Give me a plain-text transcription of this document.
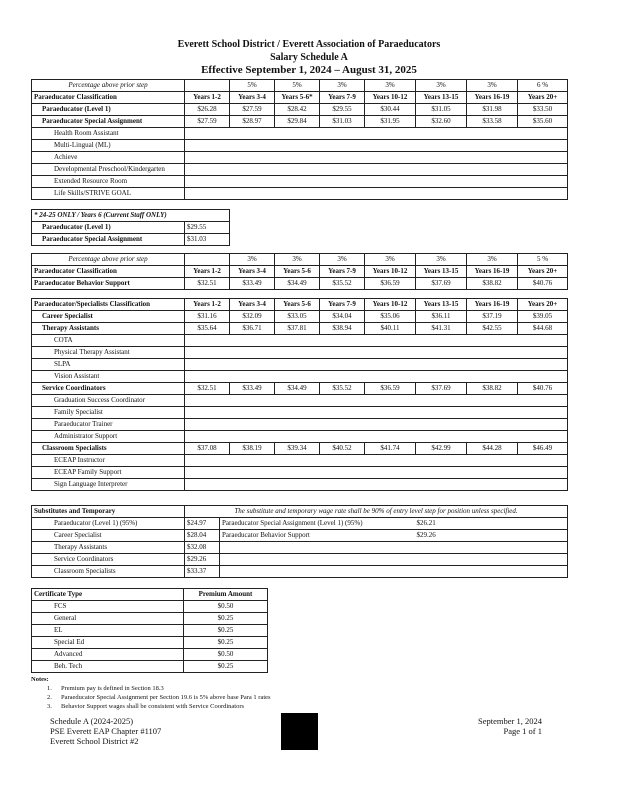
Everett School District / Everett Association of Paraeducators
Salary Schedule A
Effective September 1, 2024 – August 31, 2025
Percentage above prior step		5%	5%	3%	3%	3%	3%	6 %
Paraeducator Classification	Years 1-2	Years 3-4	Years 5-6*	Years 7-9	Years 10-12	Years 13-15	Years 16-19	Years 20+
Paraeducator (Level 1)	$26.28	$27.59	$28.42	$29.55	$30.44	$31.05	$31.98	$33.50
Paraeducator Special Assignment	$27.59	$28.97	$29.84	$31.03	$31.95	$32.60	$33.58	$35.60
Health Room Assistant								
Multi-Lingual (ML)								
Achieve								
Developmental Preschool/Kindergarten								
Extended Resource Room								
Life Skills/STRIVE GOAL								
* 24-25 ONLY / Years 6 (Current Staff ONLY)	
Paraeducator (Level 1)	$29.55
Paraeducator Special Assignment	$31.03
Percentage above prior step		3%	3%	3%	3%	3%	3%	5 %
Paraeducator Classification	Years 1-2	Years 3-4	Years 5-6	Years 7-9	Years 10-12	Years 13-15	Years 16-19	Years 20+
Paraeducator Behavior Support	$32.51	$33.49	$34.49	$35.52	$36.59	$37.69	$38.82	$40.76
Paraeducator/Specialists Classification	Years 1-2	Years 3-4	Years 5-6	Years 7-9	Years 10-12	Years 13-15	Years 16-19	Years 20+
Career Specialist	$31.16	$32.09	$33.05	$34.04	$35.06	$36.11	$37.19	$39.05
Therapy Assistants	$35.64	$36.71	$37.81	$38.94	$40.11	$41.31	$42.55	$44.68
COTA								
Physical Therapy Assistant								
SLPA								
Vision Assistant								
Service Coordinators	$32.51	$33.49	$34.49	$35.52	$36.59	$37.69	$38.82	$40.76
Graduation Success Coordinator								
Family Specialist								
Paraeducator Trainer								
Administrator Support								
Classroom Specialists	$37.08	$38.19	$39.34	$40.52	$41.74	$42.99	$44.28	$46.49
ECEAP Instructor								
ECEAP Family Support								
Sign Language Interpreter								
Substitutes and Temporary	The substitute and temporary wage rate shall be 90% of entry level step for position unless specified.			
Paraeducator (Level 1) (95%)	$24.97	Paraeducator Special Assignment (Level 1) (95%)	$26.21	
Career Specialist	$28.04	Paraeducator Behavior Support	$29.26	
Therapy Assistants	$32.08			
Service Coordinators	$29.26			
Classroom Specialists	$33.37			
Certificate Type	Premium Amount
FCS	$0.50
General	$0.25
EL	$0.25
Special Ed	$0.25
Advanced	$0.50
Beh. Tech	$0.25
Notes:
1. Premium pay is defined in Section 18.3
2. Paraeducator Special Assignment per Section 19.6 is 5% above base Para 1 rates
3. Behavior Support wages shall be consistent with Service Coordinators
Schedule A (2024-2025)
PSE Everett EAP Chapter #1107
Everett School District #2
September 1, 2024
Page 1 of 1
